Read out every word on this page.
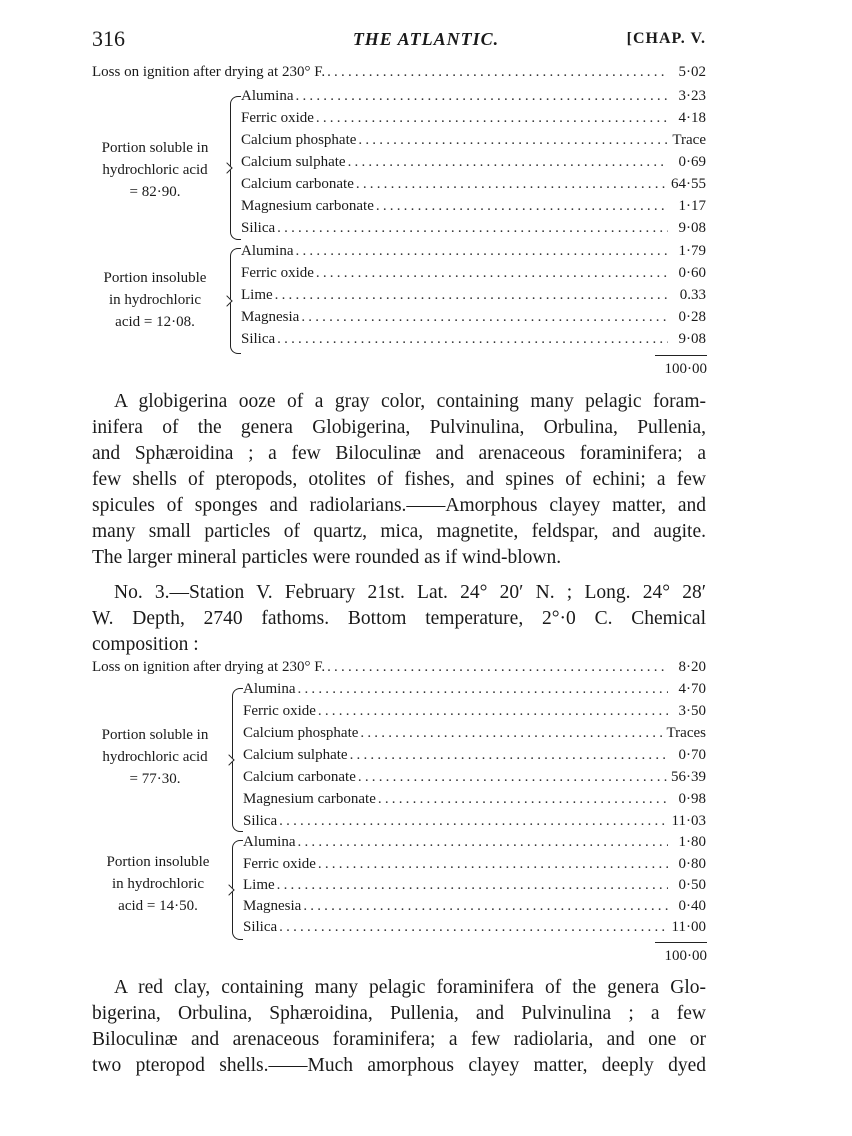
316	THE ATLANTIC.	[CHAP. V.
Loss on ignition after drying at 230° F. .....	5·02
Portion soluble in
hydrochloric acid
= 82·90.
Alumina .....	3·23
Ferric oxide .....	4·18
Calcium phosphate .....	Trace
Calcium sulphate .....	0·69
Calcium carbonate .....	64·55
Magnesium carbonate .....	1·17
Silica .....	9·08
Portion insoluble
in hydrochloric
acid = 12·08.
Alumina .....	1·79
Ferric oxide .....	0·60
Lime .....	0.33
Magnesia .....	0·28
Silica .....	9·08
100·00
A globigerina ooze of a gray color, containing many pelagic foram-
inifera of the genera Globigerina, Pulvinulina, Orbulina, Pullenia,
and Sphæroidina ; a few Biloculinæ and arenaceous foraminifera; a
few shells of pteropods, otolites of fishes, and spines of echini; a few
spicules of sponges and radiolarians.——Amorphous clayey matter, and
many small particles of quartz, mica, magnetite, feldspar, and augite.
The larger mineral particles were rounded as if wind-blown.
No. 3.—Station V. February 21st. Lat. 24° 20′ N. ; Long. 24° 28′
W. Depth, 2740 fathoms. Bottom temperature, 2°·0 C. Chemical
composition :
Loss on ignition after drying at 230° F. .....	8·20
Portion soluble in
hydrochloric acid
= 77·30.
Alumina .....	4·70
Ferric oxide .....	3·50
Calcium phosphate .....	Traces
Calcium sulphate .....	0·70
Calcium carbonate .....	56·39
Magnesium carbonate .....	0·98
Silica .....	11·03
Portion insoluble
in hydrochloric
acid = 14·50.
Alumina .....	1·80
Ferric oxide .....	0·80
Lime .....	0·50
Magnesia .....	0·40
Silica .....	11·00
100·00
A red clay, containing many pelagic foraminifera of the genera Glo-
bigerina, Orbulina, Sphæroidina, Pullenia, and Pulvinulina ; a few
Biloculinæ and arenaceous foraminifera; a few radiolaria, and one or
two pteropod shells.——Much amorphous clayey matter, deeply dyed
